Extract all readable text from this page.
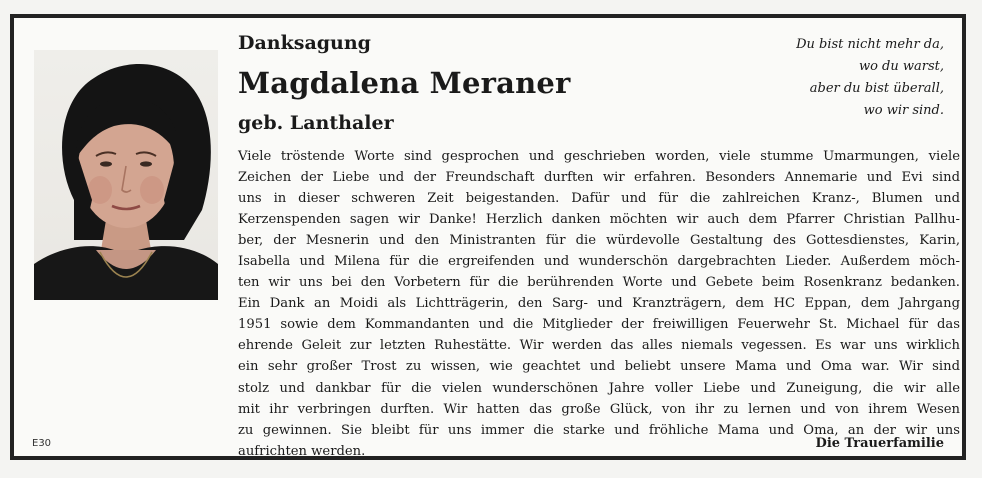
E30
Danksagung
Magdalena Meraner
geb. Lanthaler
Du bist nicht mehr da,
wo du warst,
aber du bist überall,
wo wir sind.
Viele tröstende Worte sind gesprochen und geschrieben worden, viele stumme Umarmungen, viele
Zeichen der Liebe und der Freundschaft durften wir erfahren. Besonders Annemarie und Evi sind
uns in dieser schweren Zeit beigestanden. Dafür und für die zahlreichen Kranz-, Blumen und
Kerzenspenden sagen wir Danke! Herzlich danken möchten wir auch dem Pfarrer Christian Pallhu-
ber, der Mesnerin und den Ministranten für die würdevolle Gestaltung des Gottesdienstes, Karin,
Isabella und Milena für die ergreifenden und wunderschön dargebrachten Lieder. Außerdem möch-
ten wir uns bei den Vorbetern für die berührenden Worte und Gebete beim Rosenkranz bedanken.
Ein Dank an Moidi als Lichtträgerin, den Sarg- und Kranzträgern, dem HC Eppan, dem Jahrgang
1951 sowie dem Kommandanten und die Mitglieder der freiwilligen Feuerwehr St. Michael für das
ehrende Geleit zur letzten Ruhestätte. Wir werden das alles niemals vegessen. Es war uns wirklich
ein sehr großer Trost zu wissen, wie geachtet und beliebt unsere Mama und Oma war. Wir sind
stolz und dankbar für die vielen wunderschönen Jahre voller Liebe und Zuneigung, die wir alle
mit ihr verbringen durften. Wir hatten das große Glück, von ihr zu lernen und von ihrem Wesen
zu gewinnen. Sie bleibt für uns immer die starke und fröhliche Mama und Oma, an der wir uns
aufrichten werden.
Die Trauerfamilie
